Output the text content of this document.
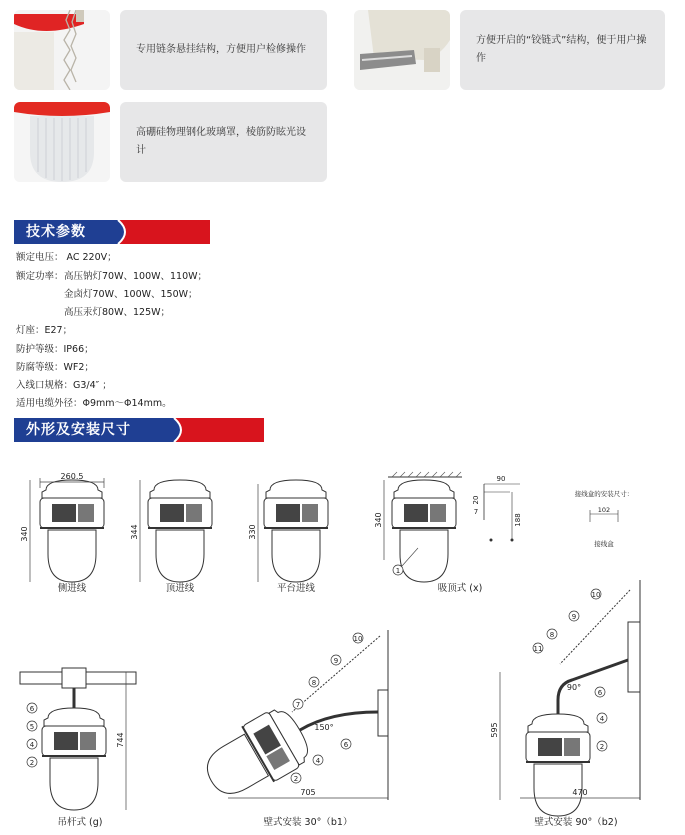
专用链条悬挂结构，方便用户检修操作
方便开启的“铰链式”结构，便于用户操作
高硼硅物理钢化玻璃罩，棱筋防眩光设计
技术参数
额定电压： AC 220V；
额定功率： 高压钠灯70W、100W、110W；
金卤灯70W、100W、150W；
高压汞灯80W、125W；
灯座：E27；
防护等级：IP66；
防腐等级：WF2；
入线口规格：G3/4″ ；
适用电缆外径：Φ9mm～Φ14mm。
外形及安装尺寸
260.5
340	344	330
340
1
90
20
7
188
接线盒的安装尺寸：
102
接线盒
744
6
5
4
2
705
150°
10
9
8
7
4
6
2
595
470
90°
10
9
8
11
6
4
2
侧进线	顶进线	平台进线	吸顶式 (x)
吊杆式 (g)	壁式安装 30°（b1）	壁式安装 90°（b2)
